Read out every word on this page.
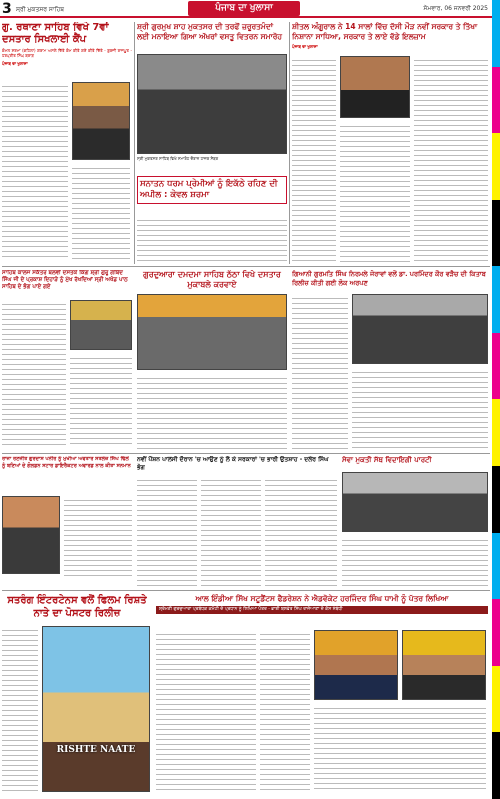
3 ਸ੍ਰੀ ਮੁਕਤਸਰ ਸਾਹਿਬ	ਪੰਜਾਬ ਦਾ ਖੁਲਾਸਾ	ਸੋਮਵਾਰ, 06 ਜਨਵਰੀ 2025
ਗੁ. ਰਥਾਣਾ ਸਾਹਿਬ ਵਿਖੇ 7ਵਾਂ ਦਸਤਾਰ ਸਿਖਲਾਈ ਕੈਂਪ
ਕੋਮਲ ਸ਼ਰਮਾ (ਕਹਿਲਾ) ਗਰਾਮ ਅਸਲੇ ਦਿੱਤੇ ਕੰਮ ਕੀਤੇ ਗਏ ਕੀਤੇ ਦਿੱਤੇ - ਬੁਰਜੀ ਰਾਜਪੂਤ - ਹਰਪ੍ਰੀਤ ਸਿੰਘ ਬਰਾੜ
ਪੰਜਾਬ ਦਾ ਖੁਲਾਸਾ
ਸ਼੍ਰੀ ਗੁਰਮੁਖ ਸ਼ਾਹ ਮੁਕਤਸਰ ਦੀ ਤਰਫੋਂ ਜ਼ਰੂਰਤਮੰਦਾਂ ਲਈ ਮਨਾਇਆ ਗਿਆ ਅੱਖਰਾਂ ਵਸਤੂ ਵਿਤਰਨ ਸਮਾਰੋਹ
ਸ੍ਰੀ ਮੁਕਤਸਰ ਸਾਹਿਬ ਵਿਖੇ ਸਮਾਰੋਹ ਦੌਰਾਨ ਹਾਜ਼ਰ ਮੈਂਬਰ
ਸ਼ੀਤਲ ਅੰਗੂਰਾਲ ਨੇ 14 ਸਾਲਾਂ ਵਿੱਚ ਦੱਸੀ ਮੌੜ ਨਵੀਂ ਸਰਕਾਰ ਤੇ ਤਿੱਖਾ ਨਿਸ਼ਾਨਾ ਸਾਧਿਆ, ਸਰਕਾਰ ਤੇ ਲਾਏ ਵੱਡੇ ਇਲਜ਼ਾਮ
ਪੰਜਾਬ ਦਾ ਖੁਲਾਸਾ
ਸਨਾਤਨ ਧਰਮ ਪ੍ਰੇਮੀਆਂ ਨੂੰ ਇਕੱਠੇ ਰਹਿਣ ਦੀ ਅਪੀਲ : ਕੇਵਲ ਸ਼ਰਮਾ
ਸਾਹਿਬ ਕਾਲਜ ਸਕੱਤਰ ਬਲਵੀ ਦਸਤਕੇ ਕਿੰਗ ਸ਼੍ਰੀ ਗੁਰੂ ਗੋਬਿੰਦ ਸਿੰਘ ਜੀ ਦੇ ਪ੍ਰਕਾਸ਼ ਦਿਹਾੜੇ ਨੂੰ ਮੁੱਖ ਰੱਖਦਿਆਂ ਸ੍ਰੀ ਅਖੰਡ ਪਾਠ ਸਾਹਿਬ ਦੇ ਭੋਗ ਪਾਏ ਗਏ
ਗੁਰਦੁਆਰਾ ਦਮਦਮਾ ਸਾਹਿਬ ਠੱਠਾ ਵਿਖੇ ਦਸਤਾਰ ਮੁਕਾਬਲੇ ਕਰਵਾਏ
ਗਿਆਨੀ ਗੁਰਮਤਿ ਸਿੰਘ ਨਿਰਮਲੇ ਜੋਰਾਵਾਂ ਵਲੋਂ ਡਾ. ਪਰਮਿੰਦਰ ਕੌਰ ਵੜੈਚ ਦੀ ਕਿਤਾਬ ਰਿਲੀਜ਼ ਕੀਤੀ ਗਈ ਲੋਕ ਅਰਪਣ
ਰਾਜਾ ਰਣਜੀਤ ਗੁਰਦਾਸ ਪਨੀਰ ਨੂੰ ਮੁਖੀਆ ਅਵਤਾਰ ਸਤਲੇਜ਼ ਸਿੰਘ ਢਿੱਲੋਂ ਨੂੰ ਬਣਿਆਂ ਦੇ ਗੋਲਡਨ ਸਟਾਰ ਡਾਇਰੈਕਟਰ ਅਵਾਰਡ ਨਾਲ ਕੀਤਾ ਸਨਮਾਨ
ਨਵੀਂ ਪੈਂਸ਼ਨ ਪਾਲਸੀ ਦੌਰਾਨ 'ਚ ਆਉਣ ਨੂੰ ਲੈ ਕੇ ਸਰਕਾਰਾਂ 'ਚ ਭਾਰੀ ਉਤਸ਼ਾਹ - ਦਲੇਰ ਸਿੰਘ ਭੋਗ
ਸੇਵਾ ਮੁਕਤੀ ਸੱਥ ਵਿਦਾਇਗੀ ਪਾਰਟੀ
ਸਤਰੰਗ ਇੰਟਰਟੇਨਸ ਵਲੋਂ ਫਿਲਮ ਰਿਸ਼ਤੇ ਨਾਤੇ ਦਾ ਪੋਸਟਰ ਰਿਲੀਜ਼
RISHTE NAATE
ਆਲ ਇੰਡੀਆ ਸਿੱਖ ਸਟੂਡੈਂਟਸ ਫੈਡਰੇਸ਼ਨ ਨੇ ਐਡਵੋਕੇਟ ਹਰਜਿੰਦਰ ਸਿੰਘ ਧਾਮੀ ਨੂੰ ਪੱਤਰ ਲਿਖਿਆ
ਸ਼੍ਰੋਮਣੀ ਗੁਰਦੁਆਰਾ ਪ੍ਰਬੰਧਕ ਕਮੇਟੀ ਦੇ ਪ੍ਰਧਾਨ ਨੂੰ ਲਿਖਿਆ ਪੱਤਰ - ਭਾਈ ਬਲਵੰਤ ਸਿੰਘ ਰਾਜੋਆਣਾ ਦੇ ਕੇਸ ਸੰਬੰਧੀ
